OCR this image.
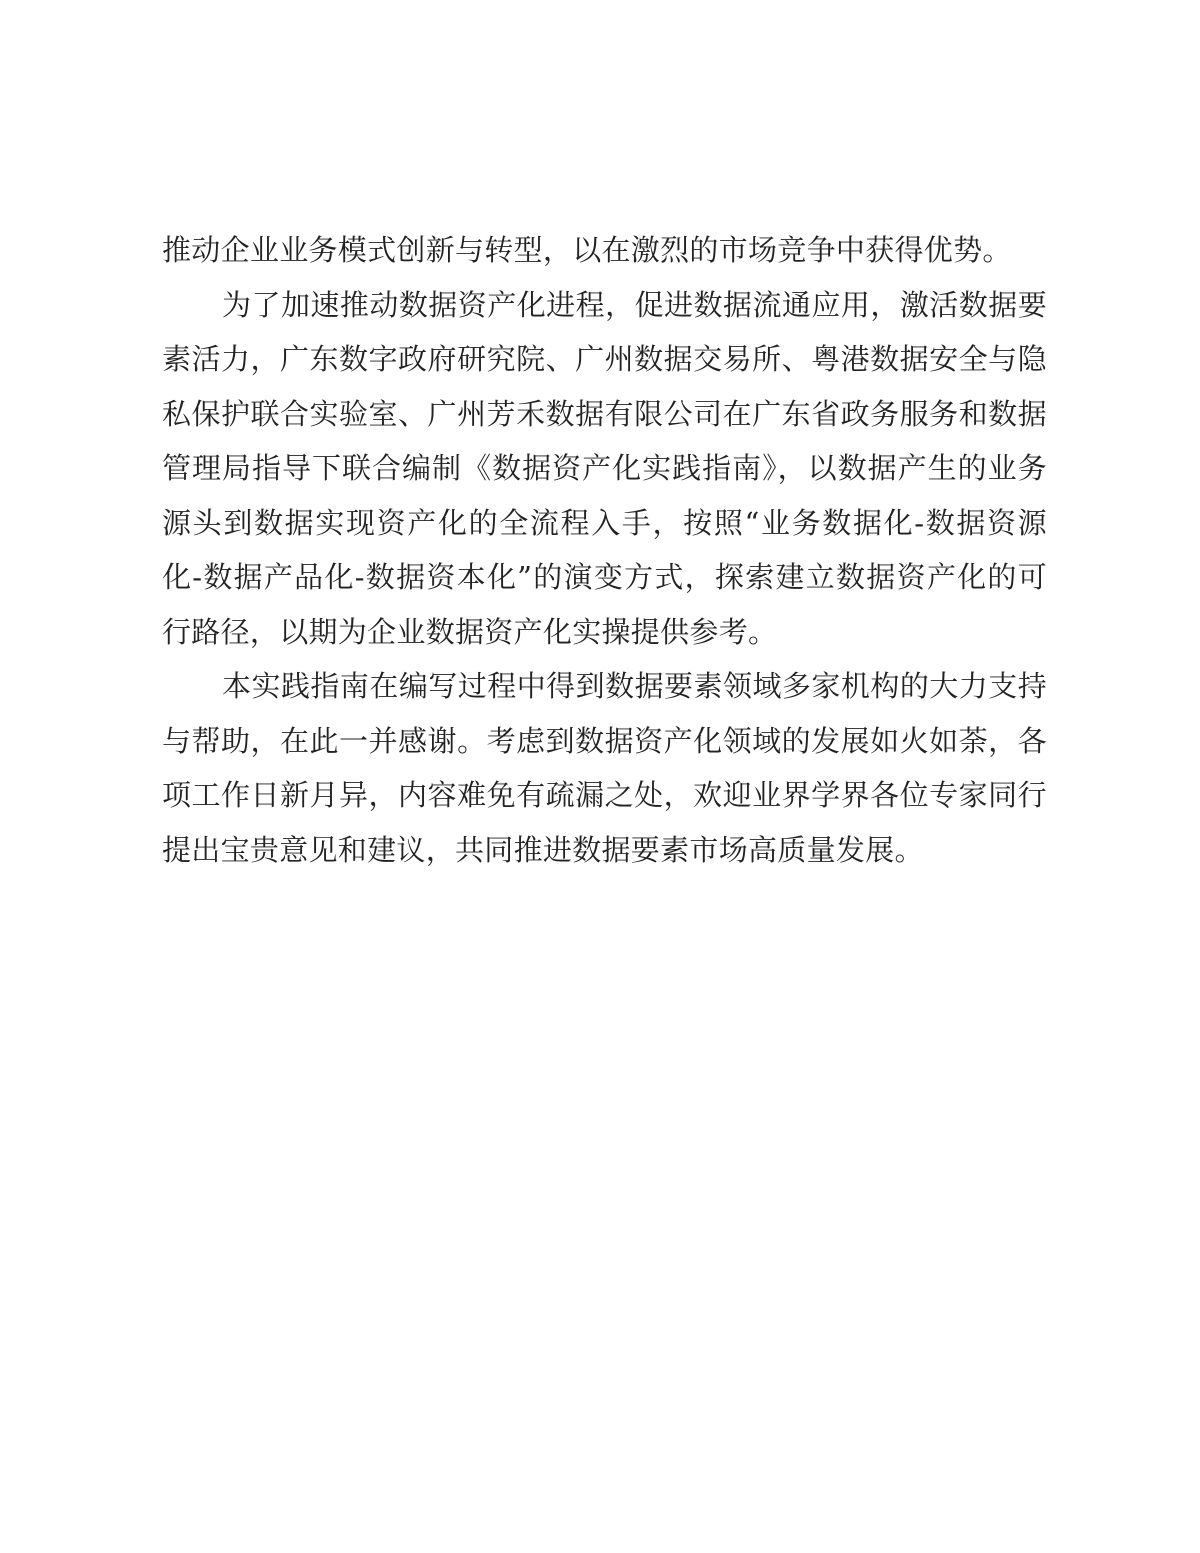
推动企业业务模式创新与转型，以在激烈的市场竞争中获得优势。

为了加速推动数据资产化进程，促进数据流通应用，激活数据要素活力，广东数字政府研究院、广州数据交易所、粤港数据安全与隐私保护联合实验室、广州芳禾数据有限公司在广东省政务服务和数据管理局指导下联合编制《数据资产化实践指南》，以数据产生的业务源头到数据实现资产化的全流程入手，按照“业务数据化-数据资源化-数据产品化-数据资本化”的演变方式，探索建立数据资产化的可行路径，以期为企业数据资产化实操提供参考。

本实践指南在编写过程中得到数据要素领域多家机构的大力支持与帮助，在此一并感谢。考虑到数据资产化领域的发展如火如荼，各项工作日新月异，内容难免有疏漏之处，欢迎业界学界各位专家同行提出宝贵意见和建议，共同推进数据要素市场高质量发展。
